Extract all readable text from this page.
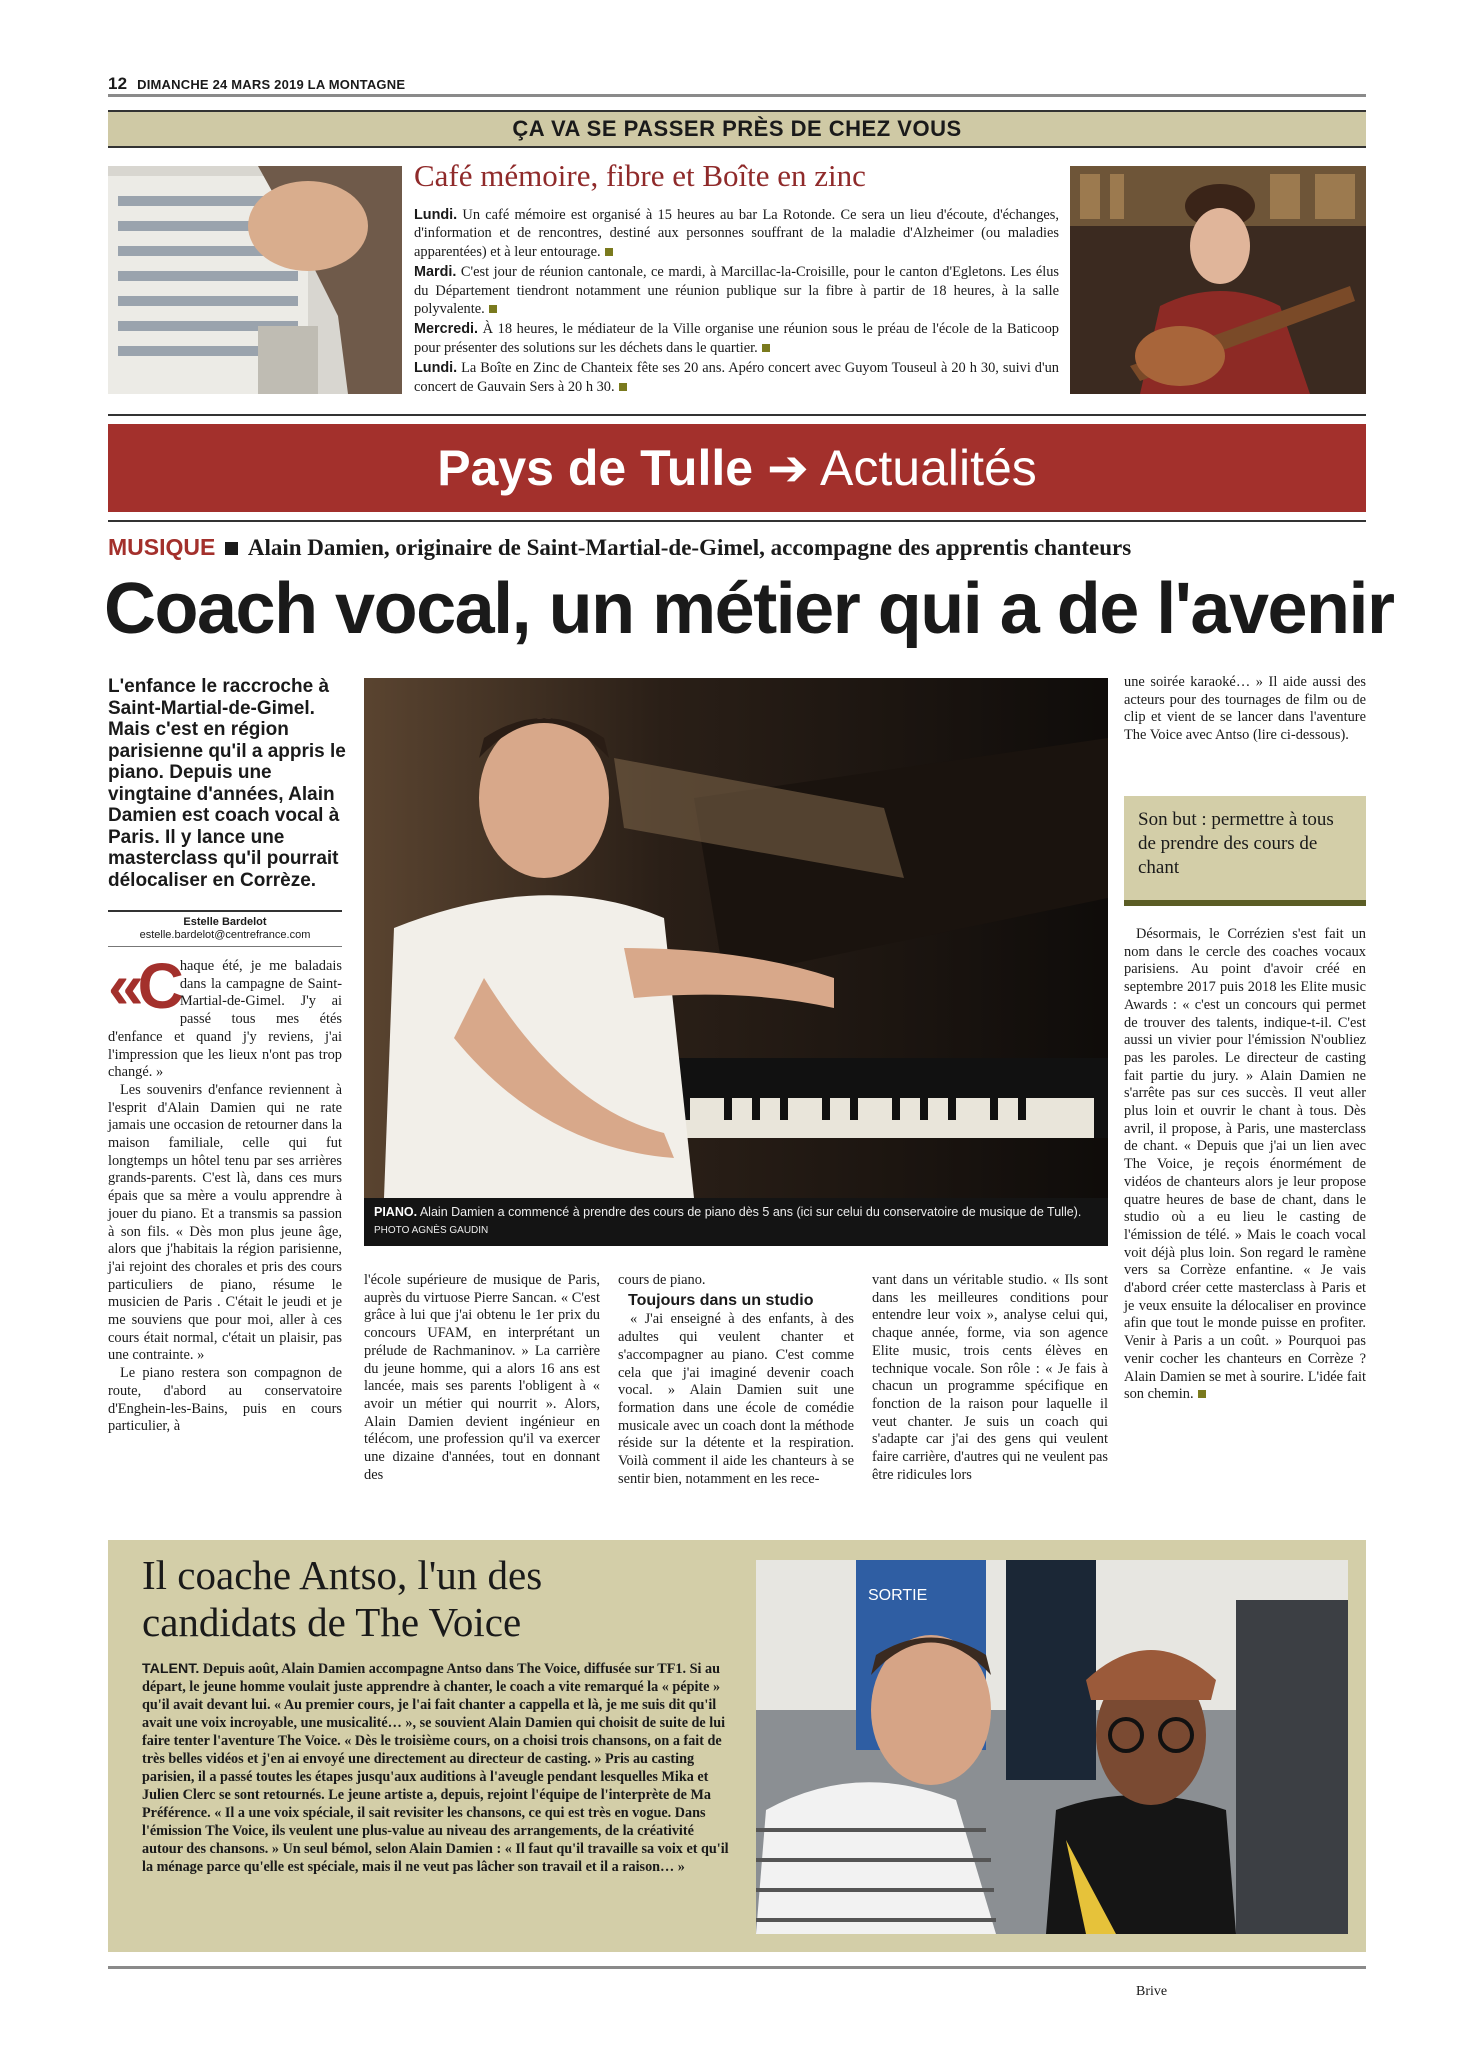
12 DIMANCHE 24 MARS 2019 LA MONTAGNE
ÇA VA SE PASSER PRÈS DE CHEZ VOUS
Café mémoire, fibre et Boîte en zinc

Lundi. Un café mémoire est organisé à 15 heures au bar La Rotonde. Ce sera un lieu d'écoute, d'échanges, d'information et de rencontres, destiné aux personnes souffrant de la maladie d'Alzheimer (ou maladies apparentées) et à leur entourage.

Mardi. C'est jour de réunion cantonale, ce mardi, à Marcillac-la-Croisille, pour le canton d'Egletons. Les élus du Département tiendront notamment une réunion publique sur la fibre à partir de 18 heures, à la salle polyvalente.

Mercredi. À 18 heures, le médiateur de la Ville organise une réunion sous le préau de l'école de la Baticoop pour présenter des solutions sur les déchets dans le quartier.

Lundi. La Boîte en Zinc de Chanteix fête ses 20 ans. Apéro concert avec Guyom Touseul à 20 h 30, suivi d'un concert de Gauvain Sers à 20 h 30.

Pays de Tulle ➔ Actualités
MUSIQUE Alain Damien, originaire de Saint-Martial-de-Gimel, accompagne des apprentis chanteurs
Coach vocal, un métier qui a de l'avenir
L'enfance le raccroche à Saint-Martial-de-Gimel. Mais c'est en région parisienne qu'il a appris le piano. Depuis une vingtaine d'années, Alain Damien est coach vocal à Paris. Il y lance une masterclass qu'il pourrait délocaliser en Corrèze.
Estelle Bardelot
estelle.bardelot@centrefrance.com

«Chaque été, je me baladais dans la campagne de Saint-Martial-de-Gimel. J'y ai passé tous mes étés d'enfance et quand j'y reviens, j'ai l'impression que les lieux n'ont pas trop changé. »

Les souvenirs d'enfance reviennent à l'esprit d'Alain Damien qui ne rate jamais une occasion de retourner dans la maison familiale, celle qui fut longtemps un hôtel tenu par ses arrières grands-parents. C'est là, dans ces murs épais que sa mère a voulu apprendre à jouer du piano. Et a transmis sa passion à son fils. « Dès mon plus jeune âge, alors que j'habitais la région parisienne, j'ai rejoint des chorales et pris des cours particuliers de piano, résume le musicien de Paris . C'était le jeudi et je me souviens que pour moi, aller à ces cours était normal, c'était un plaisir, pas une contrainte. »

Le piano restera son compagnon de route, d'abord au conservatoire d'Enghein-les-Bains, puis en cours particulier, à

PIANO. Alain Damien a commencé à prendre des cours de piano dès 5 ans (ici sur celui du conservatoire de musique de Tulle). PHOTO AGNÈS GAUDIN
l'école supérieure de musique de Paris, auprès du virtuose Pierre Sancan. « C'est grâce à lui que j'ai obtenu le 1er prix du concours UFAM, en interprétant un prélude de Rachmaninov. » La carrière du jeune homme, qui a alors 16 ans est lancée, mais ses parents l'obligent à « avoir un métier qui nourrit ». Alors, Alain Damien devient ingénieur en télécom, une profession qu'il va exercer une dizaine d'années, tout en donnant des

cours de piano.

Toujours dans un studio

« J'ai enseigné à des enfants, à des adultes qui veulent chanter et s'accompagner au piano. C'est comme cela que j'ai imaginé devenir coach vocal. » Alain Damien suit une formation dans une école de comédie musicale avec un coach dont la méthode réside sur la détente et la respiration. Voilà comment il aide les chanteurs à se sentir bien, notamment en les rece-

vant dans un véritable studio. « Ils sont dans les meilleures conditions pour entendre leur voix », analyse celui qui, chaque année, forme, via son agence Elite music, trois cents élèves en technique vocale. Son rôle : « Je fais à chacun un programme spécifique en fonction de la raison pour laquelle il veut chanter. Je suis un coach qui s'adapte car j'ai des gens qui veulent faire carrière, d'autres qui ne veulent pas être ridicules lors
une soirée karaoké… » Il aide aussi des acteurs pour des tournages de film ou de clip et vient de se lancer dans l'aventure The Voice avec Antso (lire ci-dessous).
Son but : permettre à tous de prendre des cours de chant

Désormais, le Corrézien s'est fait un nom dans le cercle des coaches vocaux parisiens. Au point d'avoir créé en septembre 2017 puis 2018 les Elite music Awards : « c'est un concours qui permet de trouver des talents, indique-t-il. C'est aussi un vivier pour l'émission N'oubliez pas les paroles. Le directeur de casting fait partie du jury. » Alain Damien ne s'arrête pas sur ces succès. Il veut aller plus loin et ouvrir le chant à tous. Dès avril, il propose, à Paris, une masterclass de chant. « Depuis que j'ai un lien avec The Voice, je reçois énormément de vidéos de chanteurs alors je leur propose quatre heures de base de chant, dans le studio où a eu lieu le casting de l'émission de télé. » Mais le coach vocal voit déjà plus loin. Son regard le ramène vers sa Corrèze enfantine. « Je vais d'abord créer cette masterclass à Paris et je veux ensuite la délocaliser en province afin que tout le monde puisse en profiter. Venir à Paris a un coût. » Pourquoi pas venir cocher les chanteurs en Corrèze ? Alain Damien se met à sourire. L'idée fait son chemin.

Il coache Antso, l'un des candidats de The Voice
TALENT. Depuis août, Alain Damien accompagne Antso dans The Voice, diffusée sur TF1. Si au départ, le jeune homme voulait juste apprendre à chanter, le coach a vite remarqué la « pépite » qu'il avait devant lui. « Au premier cours, je l'ai fait chanter a cappella et là, je me suis dit qu'il avait une voix incroyable, une musicalité… », se souvient Alain Damien qui choisit de suite de lui faire tenter l'aventure The Voice. « Dès le troisième cours, on a choisi trois chansons, on a fait de très belles vidéos et j'en ai envoyé une directement au directeur de casting. » Pris au casting parisien, il a passé toutes les étapes jusqu'aux auditions à l'aveugle pendant lesquelles Mika et Julien Clerc se sont retournés. Le jeune artiste a, depuis, rejoint l'équipe de l'interprète de Ma Préférence. « Il a une voix spéciale, il sait revisiter les chansons, ce qui est très en vogue. Dans l'émission The Voice, ils veulent une plus-value au niveau des arrangements, de la créativité autour des chansons. » Un seul bémol, selon Alain Damien : « Il faut qu'il travaille sa voix et qu'il la ménage parce qu'elle est spéciale, mais il ne veut pas lâcher son travail et il a raison… »
SORTIE
Brive
